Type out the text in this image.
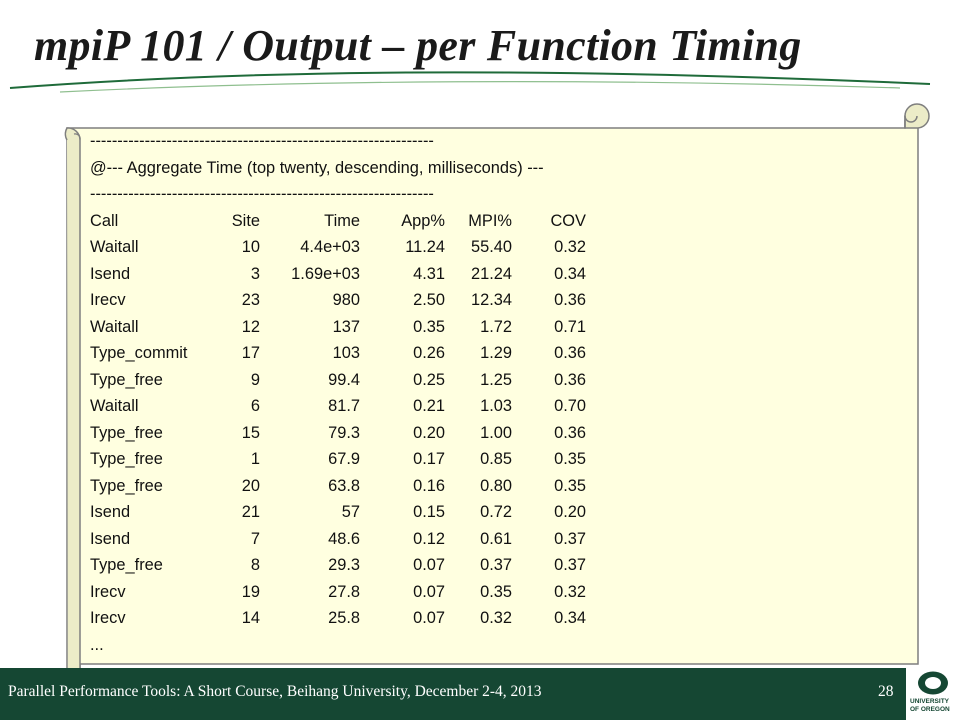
mpiP 101 / Output – per Function Timing
---------------------------------------------------------------
@--- Aggregate Time (top twenty, descending, milliseconds) ---
---------------------------------------------------------------
Call	Site	Time	App%	MPI%	COV
Waitall	10	4.4e+03	11.24	55.40	0.32
Isend	3 1.69e+03	4.31	21.24	0.34
Irecv	23	980	2.50	12.34	0.36
Waitall	12	137	0.35	1.72	0.71
Type_commit	17	103	0.26	1.29	0.36
Type_free	9	99.4	0.25	1.25	0.36
Waitall	6	81.7	0.21	1.03	0.70
Type_free	15	79.3	0.20	1.00	0.36
Type_free	1	67.9	0.17	0.85	0.35
Type_free	20	63.8	0.16	0.80	0.35
Isend	21	57	0.15	0.72	0.20
Isend	7	48.6	0.12	0.61	0.37
Type_free	8	29.3	0.07	0.37	0.37
Irecv	19	27.8	0.07	0.35	0.32
Irecv	14	25.8	0.07	0.32	0.34
...
Parallel Performance Tools: A Short Course, Beihang University, December 2-4, 2013	28
UNIVERSITY
OF OREGON
